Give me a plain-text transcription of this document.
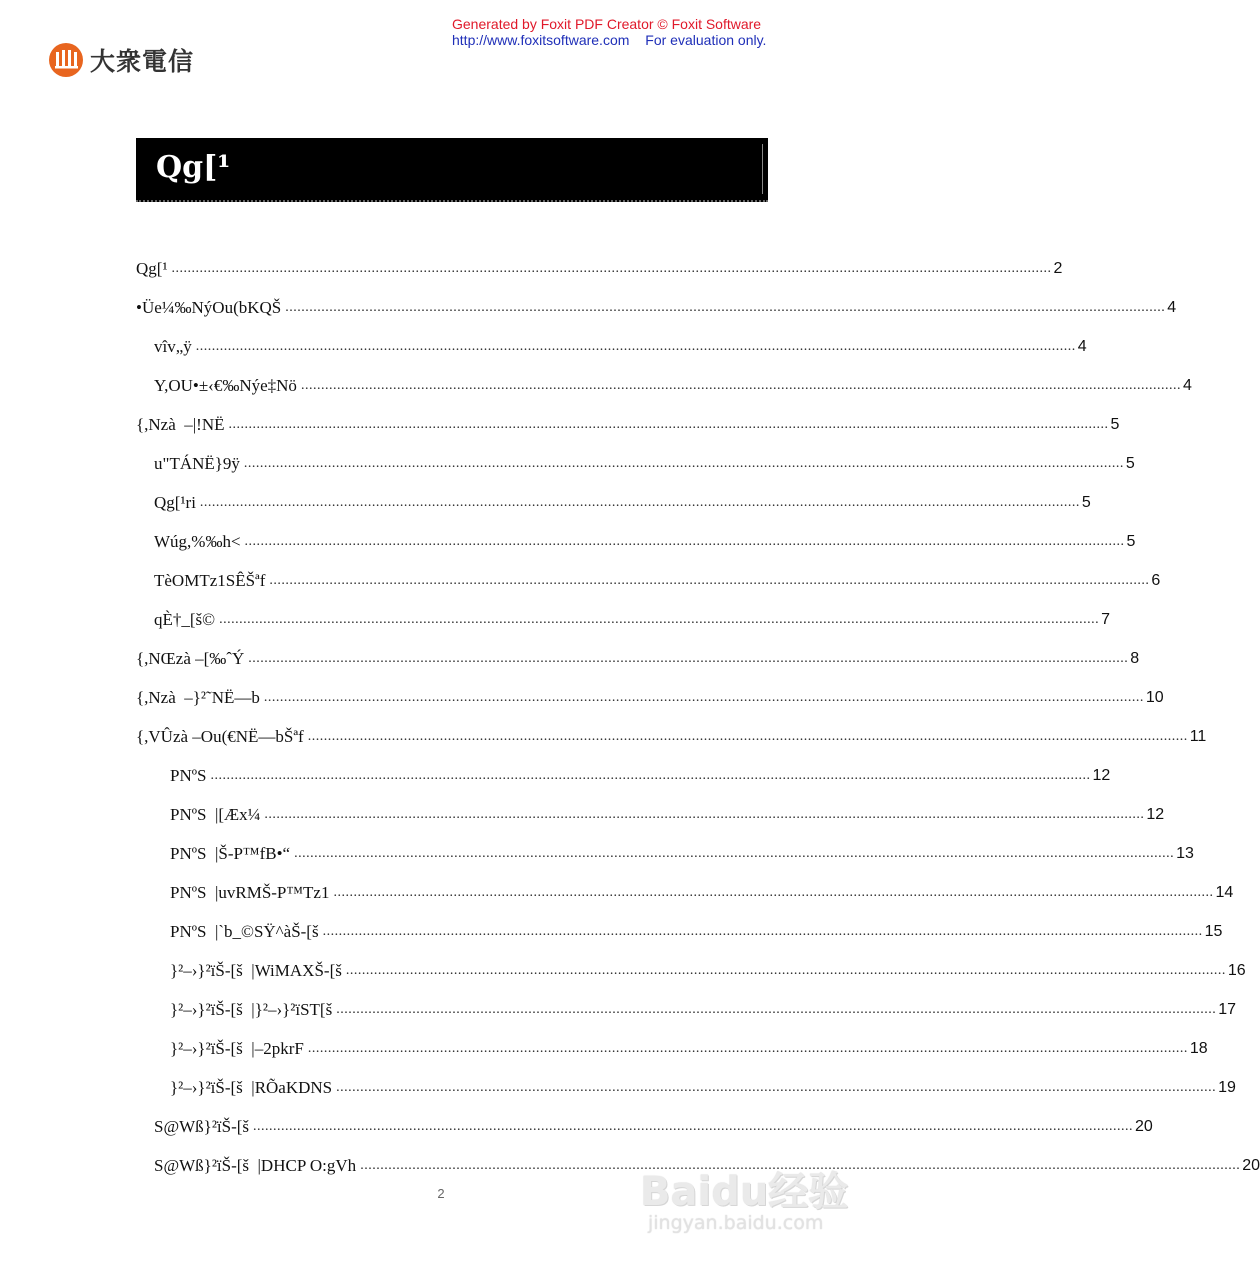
Generated by Foxit PDF Creator © Foxit Software
http://www.foxitsoftware.com For evaluation only.
大衆電信
Qg[¹
Qg[¹ ............................................................................................................................................................................................................................ 2
•Üe¼‰NýOu(bKQŠ ............................................................................................................................................................................................................................ 4
vîv„ÿ ............................................................................................................................................................................................................................ 4
Y,OU•±‹€‰Nýe‡Nö ............................................................................................................................................................................................................................ 4
{,Nzà  –|!NË ............................................................................................................................................................................................................................ 5
u"TÁNË}9ÿ ............................................................................................................................................................................................................................ 5
Qg[¹ri ............................................................................................................................................................................................................................ 5
Wúg,%‰h< ............................................................................................................................................................................................................................ 5
TèOMTz1SÊŠªf ............................................................................................................................................................................................................................ 6
qÈ†_[š© ............................................................................................................................................................................................................................ 7
{,NŒzà –[‰ˆÝ ............................................................................................................................................................................................................................ 8
{,Nzà  –}²˜NË—b ............................................................................................................................................................................................................................ 10
{,VÛzà –Ou(€NË—bŠªf ............................................................................................................................................................................................................................ 11
PNºS ............................................................................................................................................................................................................................ 12
PNºS  |[Æx¼ ............................................................................................................................................................................................................................ 12
PNºS  |Š-P™fB•“ ............................................................................................................................................................................................................................ 13
PNºS  |uvRMŠ-P™Tz1 ............................................................................................................................................................................................................................ 14
PNºS  |`b_©SŸ^àŠ-[š ............................................................................................................................................................................................................................ 15
}²–›}²ïŠ-[š  |WiMAXŠ-[š ............................................................................................................................................................................................................................ 16
}²–›}²ïŠ-[š  |}²–›}²ïST[š ............................................................................................................................................................................................................................ 17
}²–›}²ïŠ-[š  |–2pkrF ............................................................................................................................................................................................................................ 18
}²–›}²ïŠ-[š  |RÕaKDNS ............................................................................................................................................................................................................................ 19
S@Wß}²ïŠ-[š ............................................................................................................................................................................................................................ 20
S@Wß}²ïŠ-[š  |DHCP O:gVh ............................................................................................................................................................................................................................ 20
2	Baidu经验
jingyan.baidu.com
